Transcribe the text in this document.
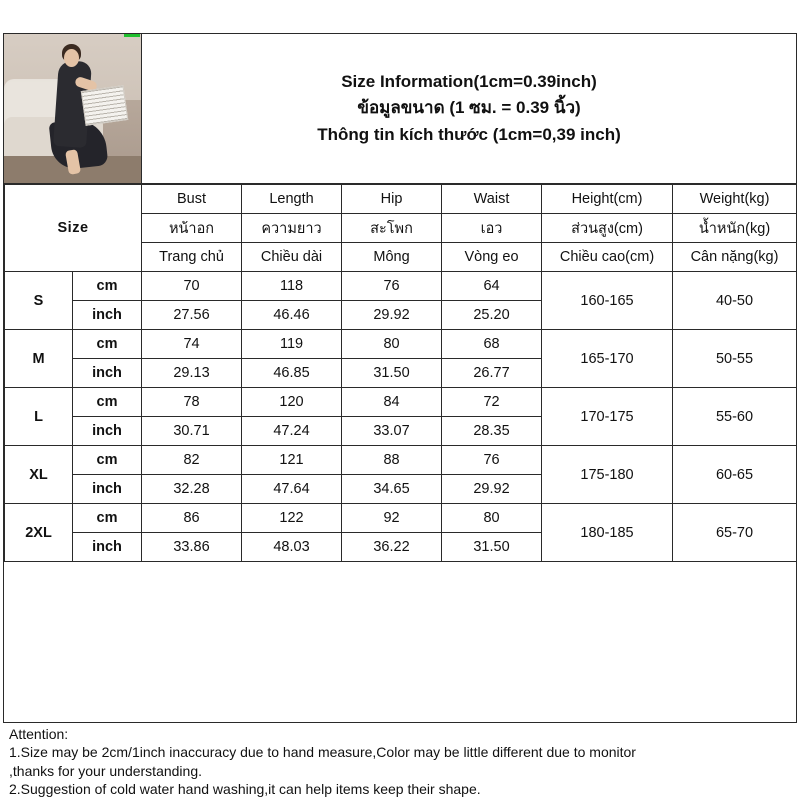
Size Information(1cm=0.39inch)
ข้อมูลขนาด (1 ซม. = 0.39 นิ้ว)
Thông tin kích thước (1cm=0,39 inch)
Size		Bust	Length	Hip	Waist	Height(cm)	Weight(kg)
		หน้าอก	ความยาว	สะโพก	เอว	ส่วนสูง(cm)	น้ำหนัก(kg)
		Trang chủ	Chiều dài	Mông	Vòng eo	Chiều cao(cm)	Cân nặng(kg)
S	cm	70	118	76	64	160-165	40-50
	inch	27.56	46.46	29.92	25.20		
M	cm	74	119	80	68	165-170	50-55
	inch	29.13	46.85	31.50	26.77		
L	cm	78	120	84	72	170-175	55-60
	inch	30.71	47.24	33.07	28.35		
XL	cm	82	121	88	76	175-180	60-65
	inch	32.28	47.64	34.65	29.92		
2XL	cm	86	122	92	80	180-185	65-70
	inch	33.86	48.03	36.22	31.50		
Attention:
1.Size may be 2cm/1inch inaccuracy due to hand measure,Color may be little different due to monitor
,thanks for your understanding.
2.Suggestion of cold water hand washing,it can help items keep their shape.
